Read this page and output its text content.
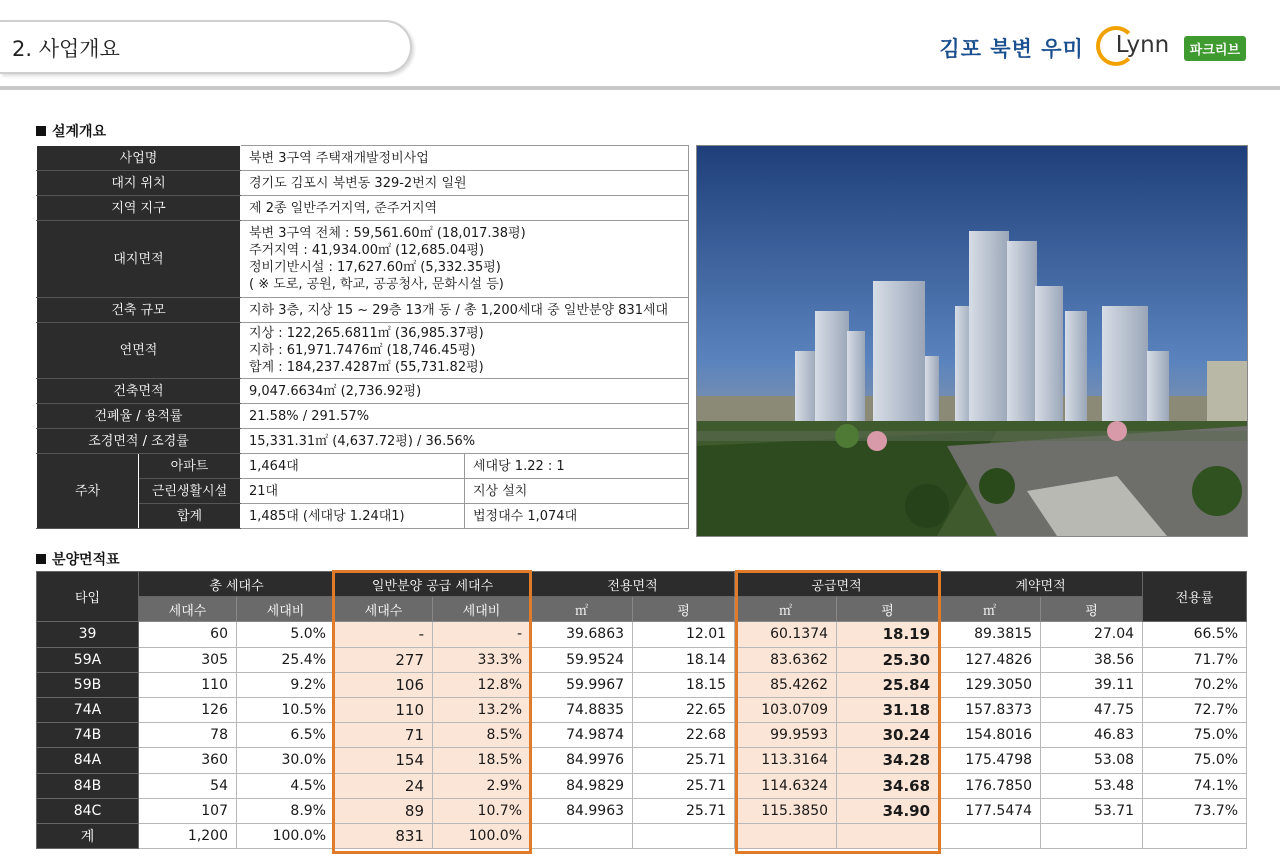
2. 사업개요	김포 북변 우미 Lynn	파크리브
설계개요
사업명		북변 3구역 주택재개발정비사업	
대지 위치		경기도 김포시 북변동 329-2번지 일원	
지역 지구		제 2종 일반주거지역, 준주거지역	
대지면적		북변 3구역 전체 : 59,561.60㎡ (18,017.38평)
주거지역 : 41,934.00㎡ (12,685.04평)
정비기반시설 : 17,627.60㎡ (5,332.35평)
( ※ 도로, 공원, 학교, 공공청사, 문화시설 등)	

건축 규모		지하 3층, 지상 15 ~ 29층 13개 동 / 총 1,200세대 중 일반분양 831세대	
연면적		지상 : 122,265.6811㎡ (36,985.37평)
지하 : 61,971.7476㎡ (18,746.45평)
합계 : 184,237.4287㎡ (55,731.82평)	

건축면적		9,047.6634㎡ (2,736.92평)	
건폐율 / 용적률		21.58% / 291.57%	
조경면적 / 조경률		15,331.31㎡ (4,637.72평) / 36.56%	
주차	아파트	1,464대	세대당 1.22 : 1
	근린생활시설	21대	지상 설치
	합계	1,485대 (세대당 1.24대1)	법정대수 1,074대
분양면적표
타입	총 세대수		일반분양 공급 세대수		전용면적		공급면적		계약면적		전용률
	세대수	세대비	세대수	세대비	㎡	평	㎡	평	㎡	평	
39	60	5.0%	-	-	39.6863	12.01	60.1374	18.19	89.3815	27.04	66.5%
59A	305	25.4%	277	33.3%	59.9524	18.14	83.6362	25.30	127.4826	38.56	71.7%
59B	110	9.2%	106	12.8%	59.9967	18.15	85.4262	25.84	129.3050	39.11	70.2%
74A	126	10.5%	110	13.2%	74.8835	22.65	103.0709	31.18	157.8373	47.75	72.7%
74B	78	6.5%	71	8.5%	74.9874	22.68	99.9593	30.24	154.8016	46.83	75.0%
84A	360	30.0%	154	18.5%	84.9976	25.71	113.3164	34.28	175.4798	53.08	75.0%
84B	54	4.5%	24	2.9%	84.9829	25.71	114.6324	34.68	176.7850	53.48	74.1%
84C	107	8.9%	89	10.7%	84.9963	25.71	115.3850	34.90	177.5474	53.71	73.7%
계	1,200	100.0%	831	100.0%							
